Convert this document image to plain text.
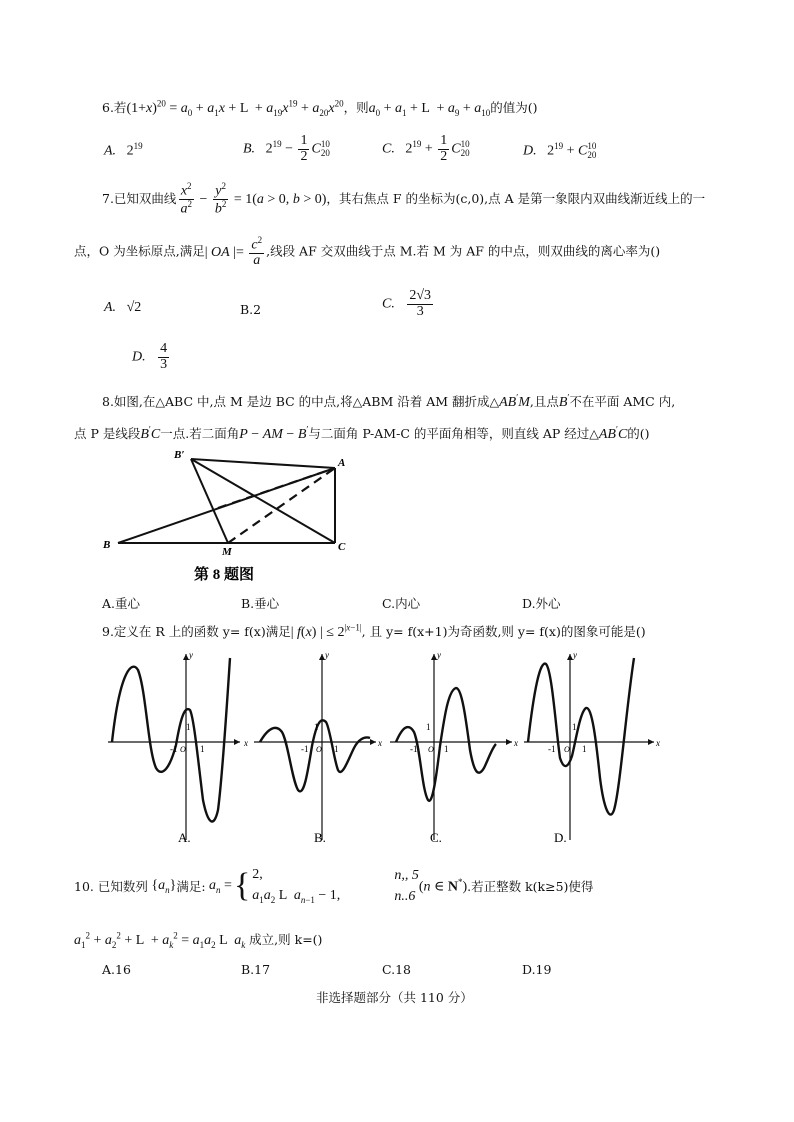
6.若$(1+x)^{20} = a_0 + a_1x + L + a_{19}x^{19} + a_{20}x^{20}$，则$a_0 + a_1 + L + a_9 + a_{10}$的值为()
A.   $2^{19}$	B.   $2^{19} - \frac{1}{2}$ C 10
20	C.   $2^{19} + \frac{1}{2}$ C 10
20	D.   $2^{19} + C$ 10
20
7.已知双曲线 $\frac{x^2}{a^2} - \frac{y^2}{b^2} = 1(a > 0$, b > 0)，其右焦点 F 的坐标为(c,0),点 A 是第一象限内双曲线渐近线上的一
点，O 为坐标原点,满足| OA |= $\frac{c^2}{a}$ ,线段 AF 交双曲线于点 M.若 M 为 AF 的中点，则双曲线的离心率为()
A.   √2	B.2	C. $\frac{2√3}{3}$
D. $\frac{4}{3}$
8.如图,在△ABC 中,点 M 是边 BC 的中点,将△ABM 沿着 AM 翻折成△AB′M,且点B′不在平面 AMC 内,
点 P 是线段B′C一点.若二面角P − AM − B′与二面角 P-AM-C 的平面角相等，则直线 AP 经过△AB′C的()
B′
A
B
M	C
第 8 题图
A.重心	B.垂心	C.内心	D.外心
9.定义在 R 上的函数 y= f(x)满足| f(x) | ≤ $2^{|x-1|}$, 且 y= f(x+1)为奇函数,则 y= f(x)的图象可能是()
x
y
O
-1	1
1
A.
x
y
O
-1	1
1
B.
x
y
O
-1	1
1
C.
x
y
O
-1	1
1
D.
10. 已知数列 $\{a_n\}$ 满足: $a_n$ = { 2,
$a_1a_2$ L  $a_{n-1} - 1$,
n,, 5
n..6
(n ∈ N*) .若正整数 k(k≥5)使得
$a_1^2 + a_2^2 + L + a_k^2 = a_1a_2$ L  $a_k$ 成立,则 k=()
A.16	B.17	C.18	D.19
非选择题部分（共 110 分）
